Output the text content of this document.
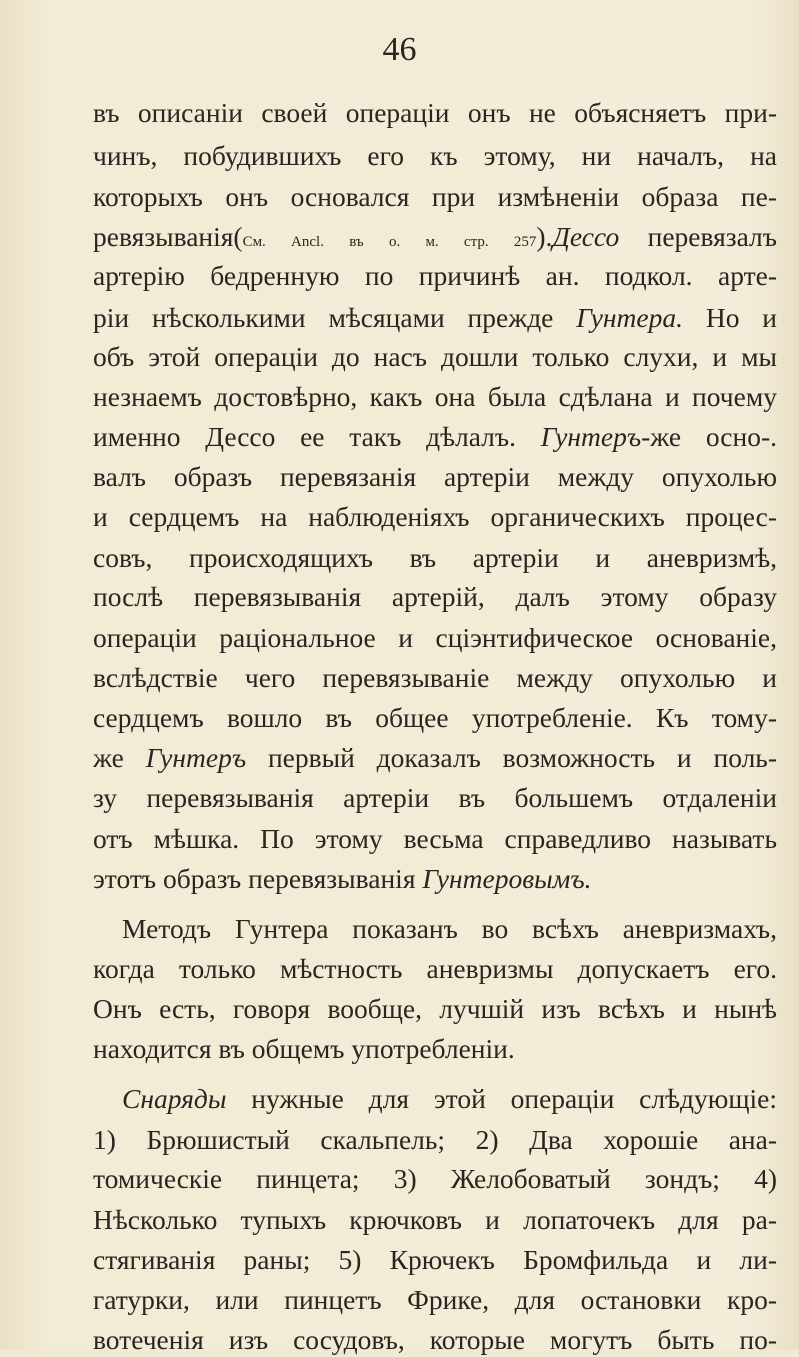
46
въ описаніи своей операціи онъ не объясняетъ при-
чинъ, побудившихъ его къ этому, ни началъ, на
которыхъ онъ основался при измѣненіи образа пе-
ревязыванія(См. Ancl. въ о. м. стр. 257).Дессо перевязалъ
артерію бедренную по причинѣ ан. подкол. арте-
ріи нѣсколькими мѣсяцами прежде Гунтера. Но и
объ этой операціи до насъ дошли только слухи, и мы
незнаемъ достовѣрно, какъ она была сдѣлана и почему
именно Дессо ее такъ дѣлалъ. Гунтеръ-же осно-.
валъ образъ перевязанія артеріи между опухолью
и сердцемъ на наблюденіяхъ органическихъ процес-
совъ, происходящихъ въ артеріи и аневризмѣ,
послѣ перевязыванія артерій, далъ этому образу
операціи раціональное и сціэнтифическое основаніе,
вслѣдствіе чего перевязываніе между опухолью и
сердцемъ вошло въ общее употребленіе. Къ тому-
же Гунтеръ первый доказалъ возможность и поль-
зу перевязыванія артеріи въ большемъ отдаленіи
отъ мѣшка. По этому весьма справедливо называть
этотъ образъ перевязыванія Гунтеровымъ.
Методъ Гунтера показанъ во всѣхъ аневризмахъ,
когда только мѣстность аневризмы допускаетъ его.
Онъ есть, говоря вообще, лучшій изъ всѣхъ и нынѣ
находится въ общемъ употребленіи.
Снаряды нужные для этой операціи слѣдующіе:
1) Брюшистый скальпель; 2) Два хорошіе ана-
томическіе пинцета; 3) Желобоватый зондъ; 4)
Нѣсколько тупыхъ крючковъ и лопаточекъ для ра-
стягиванія раны; 5) Крючекъ Бромфильда и ли-
гатурки, или пинцетъ Фрике, для остановки кро-
вотеченія изъ сосудовъ, которые могутъ быть по-
